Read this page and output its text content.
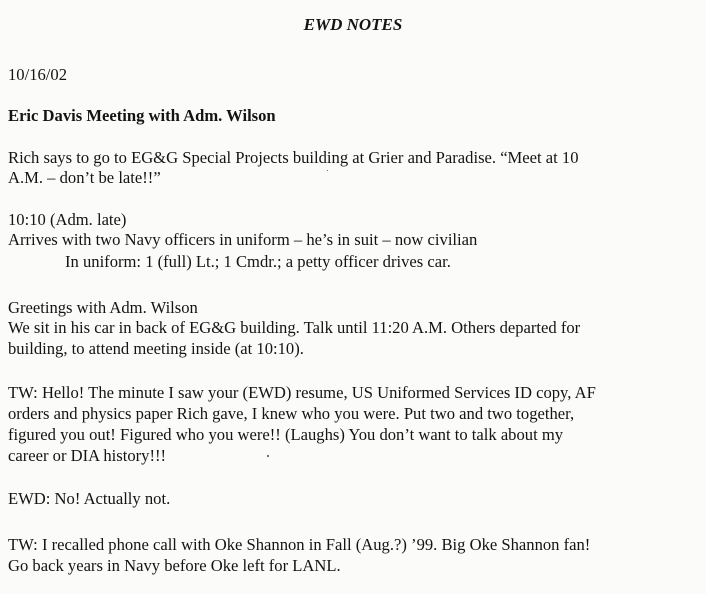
EWD NOTES
10/16/02
Eric Davis Meeting with Adm. Wilson
Rich says to go to EG&G Special Projects building at Grier and Paradise. “Meet at 10
A.M. – don’t be late!!”
10:10 (Adm. late)
Arrives with two Navy officers in uniform – he’s in suit – now civilian
In uniform: 1 (full) Lt.; 1 Cmdr.; a petty officer drives car.
Greetings with Adm. Wilson
We sit in his car in back of EG&G building. Talk until 11:20 A.M. Others departed for
building, to attend meeting inside (at 10:10).
TW: Hello! The minute I saw your (EWD) resume, US Uniformed Services ID copy, AF
orders and physics paper Rich gave, I knew who you were. Put two and two together,
figured you out! Figured who you were!! (Laughs) You don’t want to talk about my
career or DIA history!!!
EWD: No! Actually not.
TW: I recalled phone call with Oke Shannon in Fall (Aug.?) ’99. Big Oke Shannon fan!
Go back years in Navy before Oke left for LANL.
